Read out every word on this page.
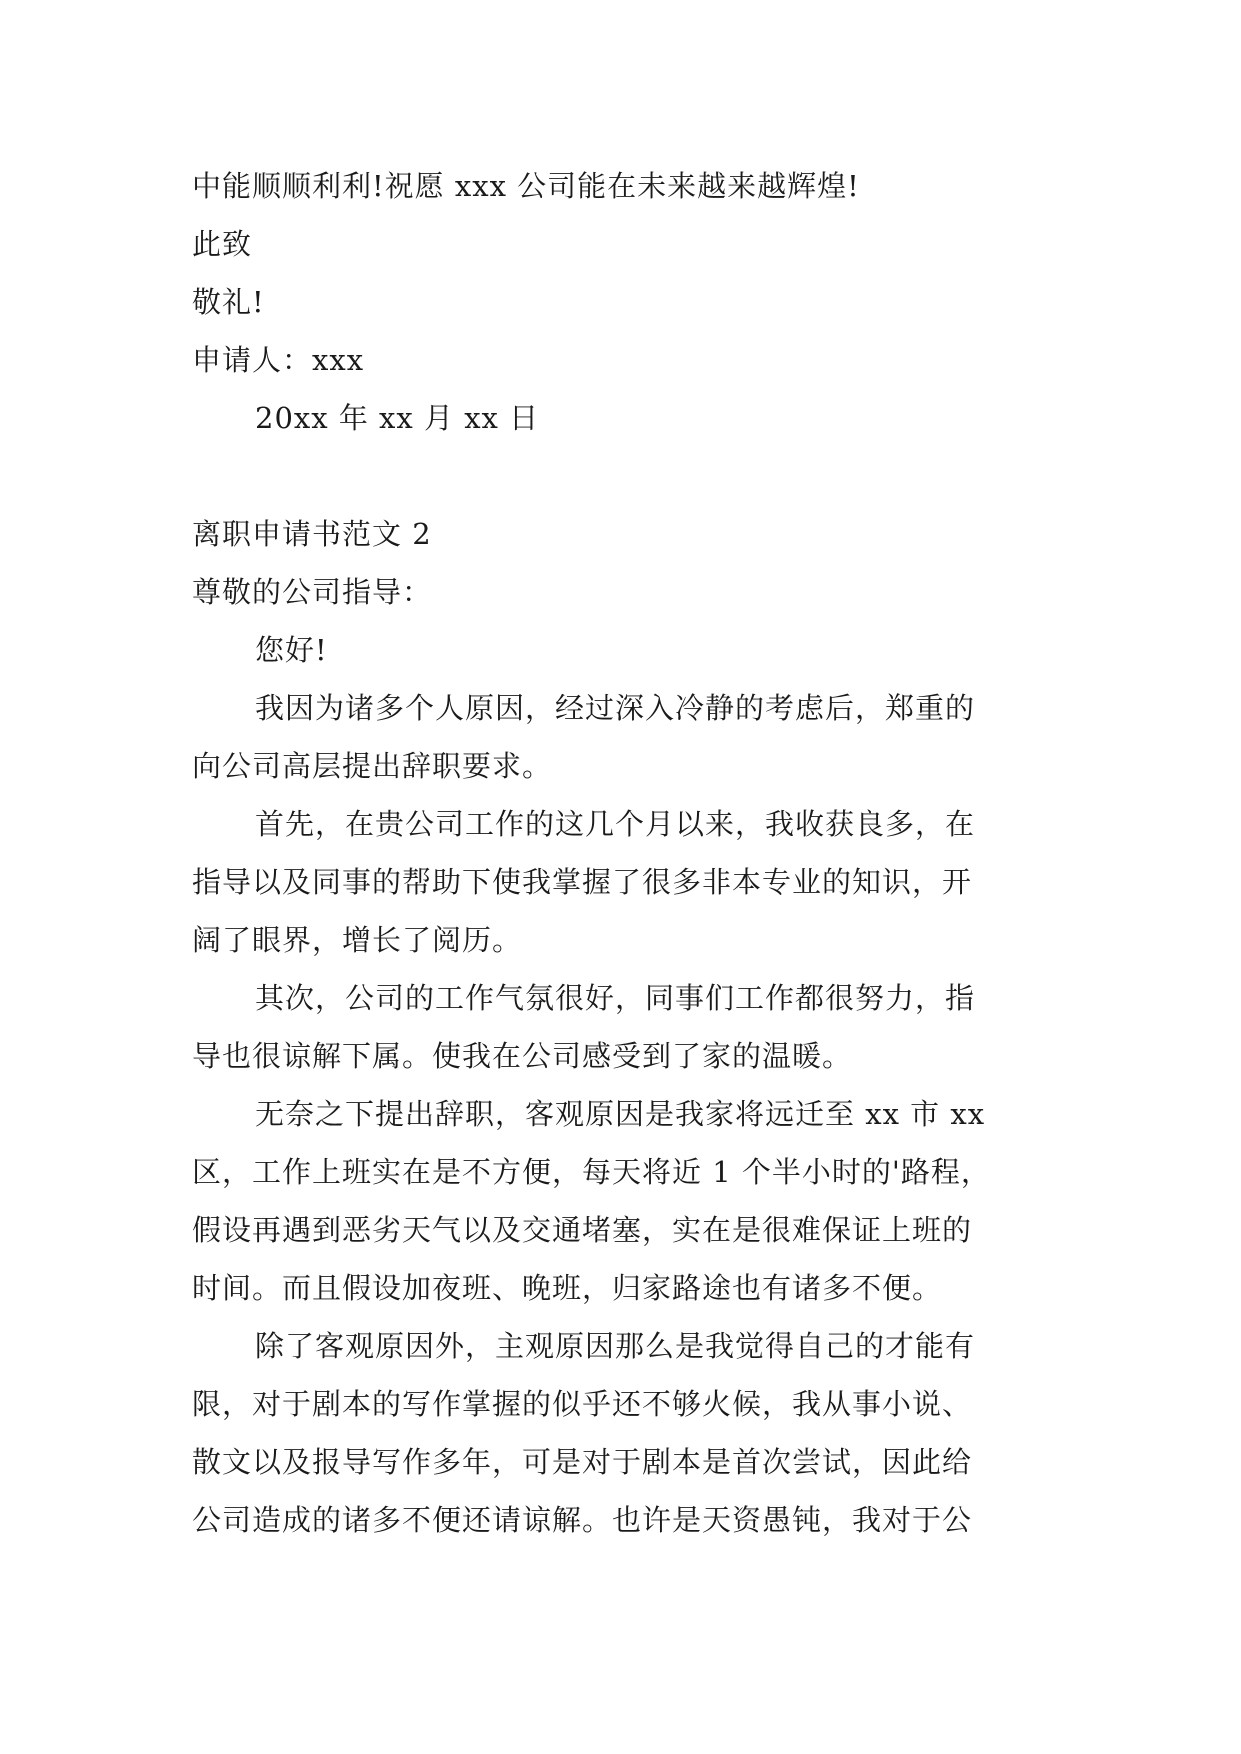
中能顺顺利利!祝愿 xxx 公司能在未来越来越辉煌!
此致
敬礼!
申请人：xxx
20xx 年 xx 月 xx 日
离职申请书范文 2
尊敬的公司指导：
您好!
我因为诸多个人原因，经过深入冷静的考虑后，郑重的
向公司高层提出辞职要求。
首先，在贵公司工作的这几个月以来，我收获良多，在
指导以及同事的帮助下使我掌握了很多非本专业的知识，开
阔了眼界，增长了阅历。
其次，公司的工作气氛很好，同事们工作都很努力，指
导也很谅解下属。使我在公司感受到了家的温暖。
无奈之下提出辞职，客观原因是我家将远迁至 xx 市 xx
区，工作上班实在是不方便，每天将近 1 个半小时的'路程，
假设再遇到恶劣天气以及交通堵塞，实在是很难保证上班的
时间。而且假设加夜班、晚班，归家路途也有诸多不便。
除了客观原因外，主观原因那么是我觉得自己的才能有
限，对于剧本的写作掌握的似乎还不够火候，我从事小说、
散文以及报导写作多年，可是对于剧本是首次尝试，因此给
公司造成的诸多不便还请谅解。也许是天资愚钝，我对于公
